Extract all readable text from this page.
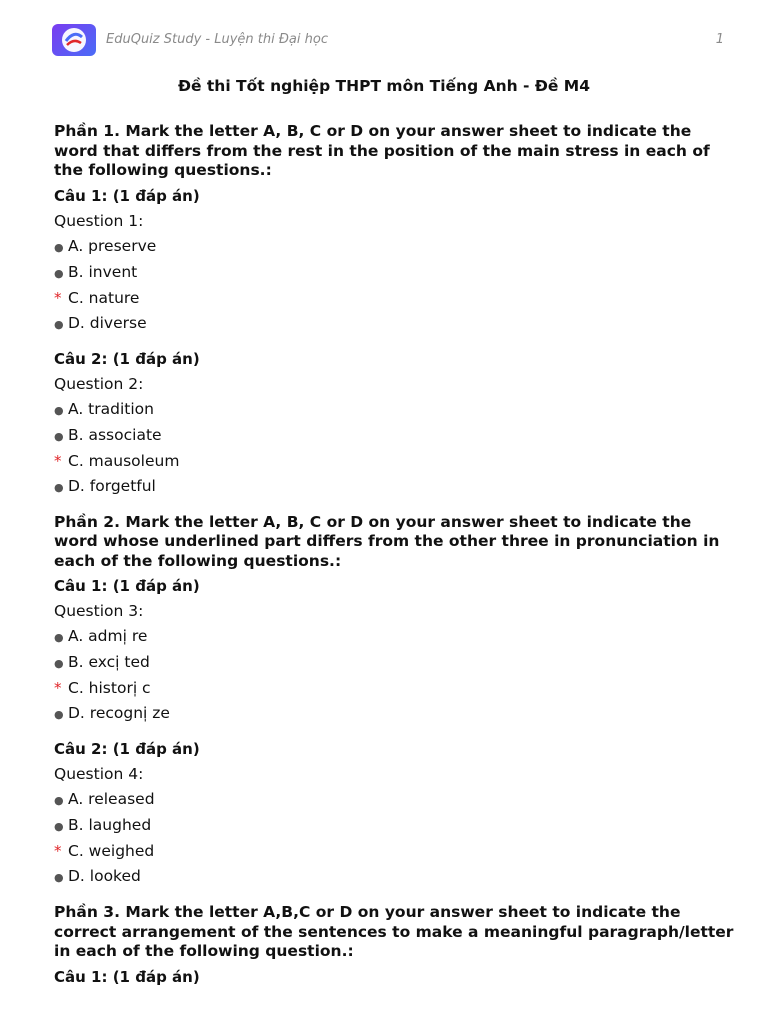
EduQuiz Study - Luyện thi Đại học	1
Đề thi Tốt nghiệp THPT môn Tiếng Anh - Đề M4
Phần 1. Mark the letter A, B, C or D on your answer sheet to indicate the word that differs from the rest in the position of the main stress in each of the following questions.:
Câu 1: (1 đáp án)
Question 1:
● A. preserve
● B. invent
* C. nature
● D. diverse
Câu 2: (1 đáp án)
Question 2:
● A. tradition
● B. associate
* C. mausoleum
● D. forgetful
Phần 2. Mark the letter A, B, C or D on your answer sheet to indicate the word whose underlined part differs from the other three in pronunciation in each of the following questions.:
Câu 1: (1 đáp án)
Question 3:
● A. admi̩ re
● B. exci̩ ted
* C. histori̩ c
● D. recogni̩ ze
Câu 2: (1 đáp án)
Question 4:
● A. released
● B. laughed
* C. weighed
● D. looked
Phần 3. Mark the letter A,B,C or D on your answer sheet to indicate the correct arrangement of the sentences to make a meaningful paragraph/letter in each of the following question.:
Câu 1: (1 đáp án)
